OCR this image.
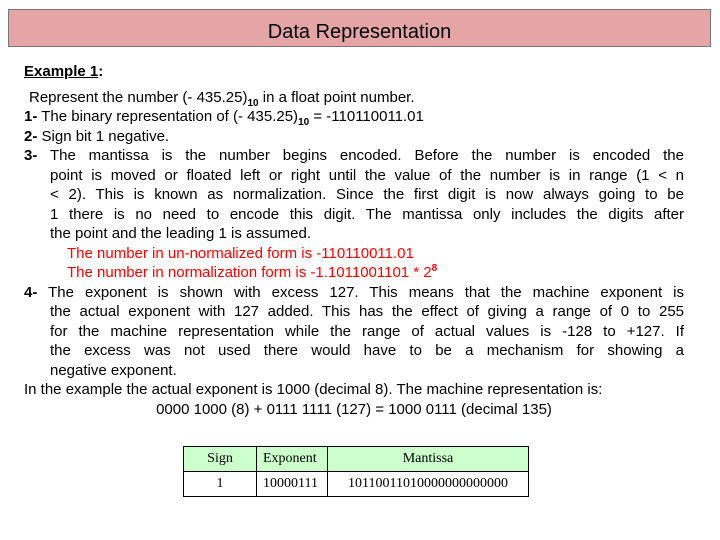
Data Representation
Example 1:
Represent the number (- $435.25)_{10}$ in a float point number.
1- The binary representation of (- $435.25)_{10} = -110110011.01$
2- Sign bit 1 negative.
3- The mantissa is the number begins encoded. Before the number is encoded the
point is moved or floated left or right until the value of the number is in range (1 < n
< 2). This is known as normalization. Since the first digit is now always going to be
1 there is no need to encode this digit. The mantissa only includes the digits after
the point and the leading 1 is assumed.
The number in un-normalized form is -110110011.01
The number in normalization form is $-1.1011001101 * 2^8$
4- The exponent is shown with excess 127. This means that the machine exponent is
the actual exponent with 127 added. This has the effect of giving a range of 0 to 255
for the machine representation while the range of actual values is -128 to +127. If
the excess was not used there would have to be a mechanism for showing a
negative exponent.
In the example the actual exponent is 1000 (decimal 8). The machine representation is:
0000 1000 (8) + 0111 1111 (127) = 1000 0111 (decimal 135)
Sign	Exponent	Mantissa
1	10000111	10110011010000000000000
